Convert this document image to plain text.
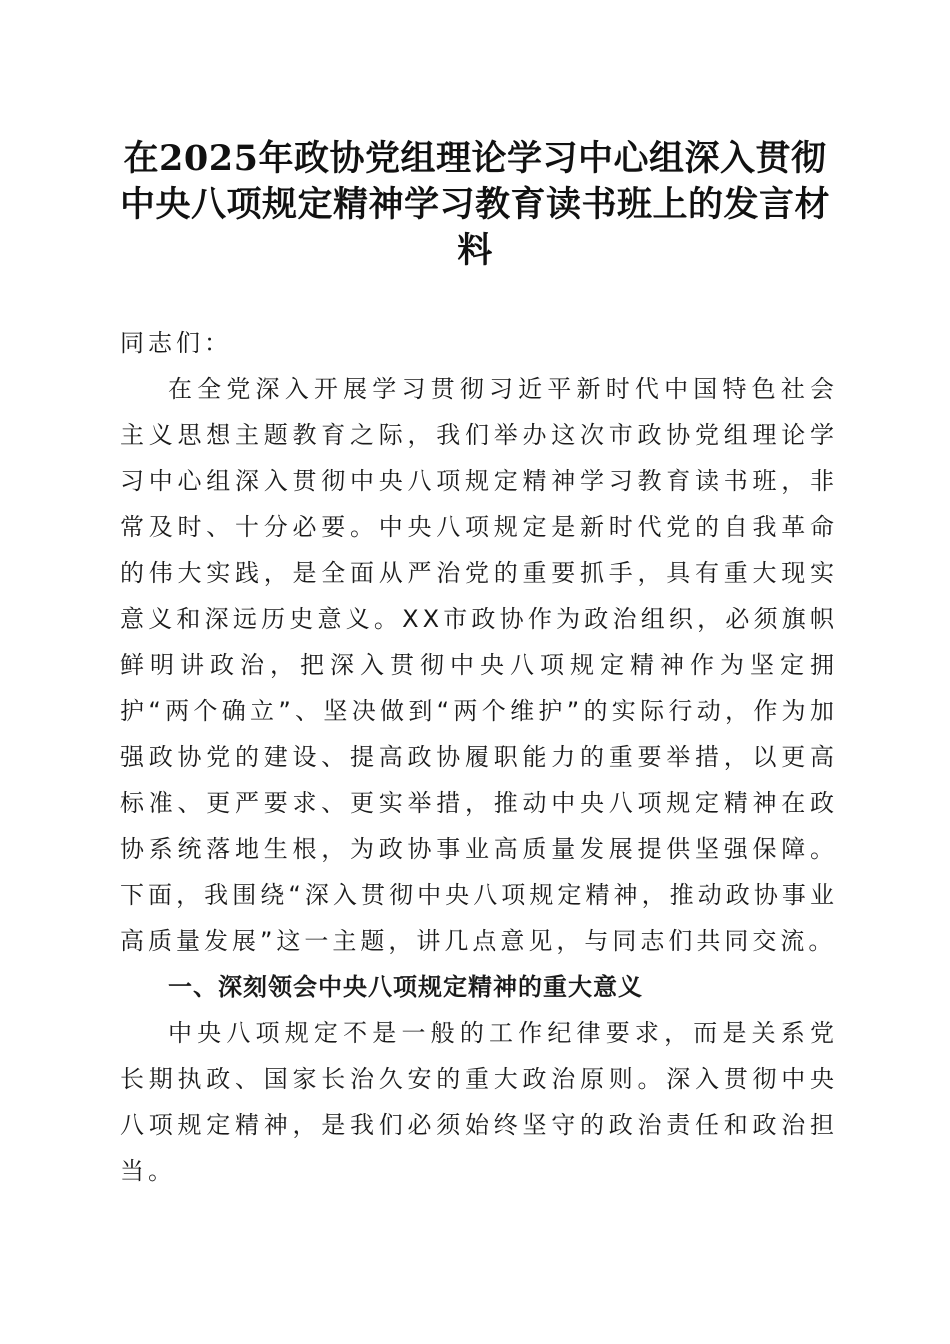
在2025年政协党组理论学习中心组深入贯彻中央八项规定精神学习教育读书班上的发言材料

同志们：

在全党深入开展学习贯彻习近平新时代中国特色社会主义思想主题教育之际，我们举办这次市政协党组理论学习中心组深入贯彻中央八项规定精神学习教育读书班，非常及时、十分必要。中央八项规定是新时代党的自我革命的伟大实践，是全面从严治党的重要抓手，具有重大现实意义和深远历史意义。XX市政协作为政治组织，必须旗帜鲜明讲政治，把深入贯彻中央八项规定精神作为坚定拥护“两个确立”、坚决做到“两个维护”的实际行动，作为加强政协党的建设、提高政协履职能力的重要举措，以更高标准、更严要求、更实举措，推动中央八项规定精神在政协系统落地生根，为政协事业高质量发展提供坚强保障。下面，我围绕“深入贯彻中央八项规定精神，推动政协事业高质量发展”这一主题，讲几点意见，与同志们共同交流。

一、深刻领会中央八项规定精神的重大意义

中央八项规定不是一般的工作纪律要求，而是关系党长期执政、国家长治久安的重大政治原则。深入贯彻中央八项规定精神，是我们必须始终坚守的政治责任和政治担当。
